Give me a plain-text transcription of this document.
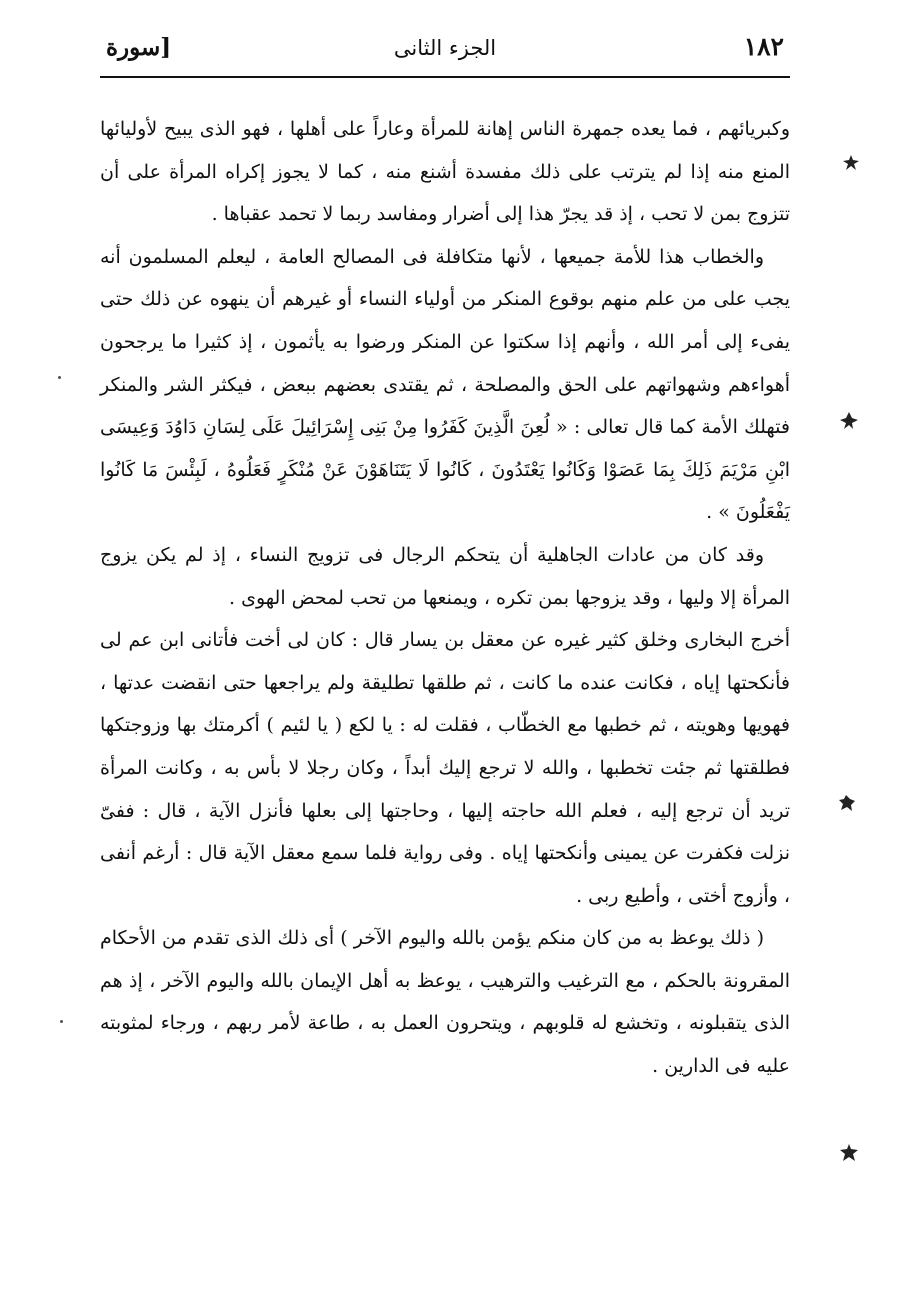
١٨٢
الجزء الثانى
[سورة

وكبريائهم ، فما يعده جمهرة الناس إهانة للمرأة وعاراً على أهلها ، فهو الذى يبيح لأوليائها المنع منه إذا لم يترتب على ذلك مفسدة أشنع منه ، كما لا يجوز إكراه المرأة على أن تتزوج بمن لا تحب ، إذ قد يجرّ هذا إلى أضرار ومفاسد ربما لا تحمد عقباها .

والخطاب هذا للأمة جميعها ، لأنها متكافلة فى المصالح العامة ، ليعلم المسلمون أنه يجب على من علم منهم بوقوع المنكر من أولياء النساء أو غيرهم أن ينهوه عن ذلك حتى يفىء إلى أمر الله ، وأنهم إذا سكتوا عن المنكر ورضوا به يأثمون ، إذ كثيرا ما يرجحون أهواءهم وشهواتهم على الحق والمصلحة ، ثم يقتدى بعضهم ببعض ، فيكثر الشر والمنكر فتهلك الأمة كما قال تعالى : « لُعِنَ الَّذِينَ كَفَرُوا مِنْ بَنِى إِسْرَائِيلَ عَلَى لِسَانِ دَاوُدَ وَعِيسَى ابْنِ مَرْيَمَ ذَلِكَ بِمَا عَصَوْا وَكَانُوا يَعْتَدُونَ ، كَانُوا لَا يَتَنَاهَوْنَ عَنْ مُنْكَرٍ فَعَلُوهُ ، لَبِئْسَ مَا كَانُوا يَفْعَلُونَ » .

وقد كان من عادات الجاهلية أن يتحكم الرجال فى تزويج النساء ، إذ لم يكن يزوج المرأة إلا وليها ، وقد يزوجها بمن تكره ، ويمنعها من تحب لمحض الهوى .

أخرج البخارى وخلق كثير غيره عن معقل بن يسار قال : كان لى أخت فأتانى ابن عم لى فأنكحتها إياه ، فكانت عنده ما كانت ، ثم طلقها تطليقة ولم يراجعها حتى انقضت عدتها ، فهويها وهويته ، ثم خطبها مع الخطّاب ، فقلت له : يا لكع ( يا لئيم ) أكرمتك بها وزوجتكها فطلقتها ثم جئت تخطبها ، والله لا ترجع إليك أبداً ، وكان رجلا لا بأس به ، وكانت المرأة تريد أن ترجع إليه ، فعلم الله حاجته إليها ، وحاجتها إلى بعلها فأنزل الآية ، قال : ففىّ نزلت فكفرت عن يمينى وأنكحتها إياه . وفى رواية فلما سمع معقل الآية قال : أرغم أنفى ، وأزوج أختى ، وأطيع ربى .

( ذلك يوعظ به من كان منكم يؤمن بالله واليوم الآخر ) أى ذلك الذى تقدم من الأحكام المقرونة بالحكم ، مع الترغيب والترهيب ، يوعظ به أهل الإيمان بالله واليوم الآخر ، إذ هم الذى يتقبلونه ، وتخشع له قلوبهم ، ويتحرون العمل به ، طاعة لأمر ربهم ، ورجاء لمثوبته عليه فى الدارين .
